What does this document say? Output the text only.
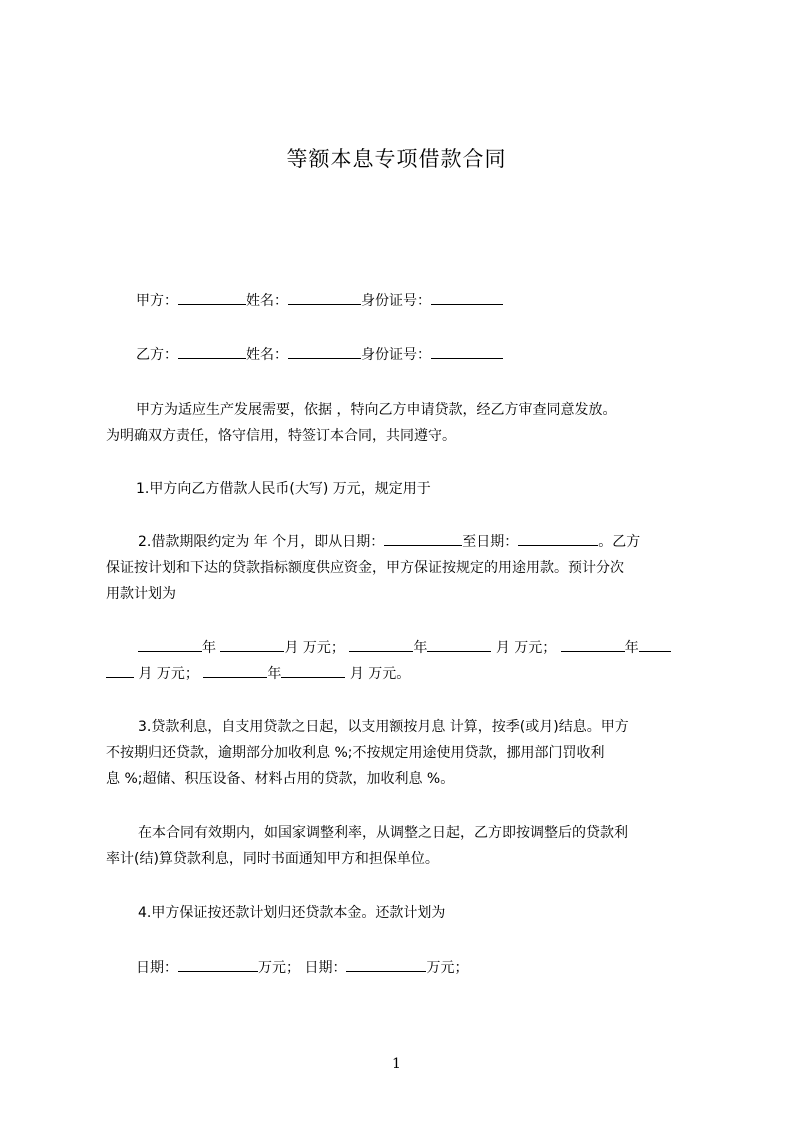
等额本息专项借款合同
甲方：	姓名：	身份证号：
乙方：	姓名：	身份证号：
甲方为适应生产发展需要，依据 ，特向乙方申请贷款，经乙方审查同意发放。
为明确双方责任，恪守信用，特签订本合同，共同遵守。
1.甲方向乙方借款人民币(大写) 万元，规定用于
2.借款期限约定为 年 个月，即从日期：	至日期：	。乙方
保证按计划和下达的贷款指标额度供应资金，甲方保证按规定的用途用款。预计分次
用款计划为
年	月 万元；	年	月 万元；	年
月 万元；	年	月 万元。
3.贷款利息，自支用贷款之日起，以支用额按月息 计算，按季(或月)结息。甲方
不按期归还贷款，逾期部分加收利息 %;不按规定用途使用贷款，挪用部门罚收利
息 %;超储、积压设备、材料占用的贷款，加收利息 %。
在本合同有效期内，如国家调整利率，从调整之日起，乙方即按调整后的贷款利
率计(结)算贷款利息，同时书面通知甲方和担保单位。
4.甲方保证按还款计划归还贷款本金。还款计划为
日期：	万元； 日期：	万元；
1
